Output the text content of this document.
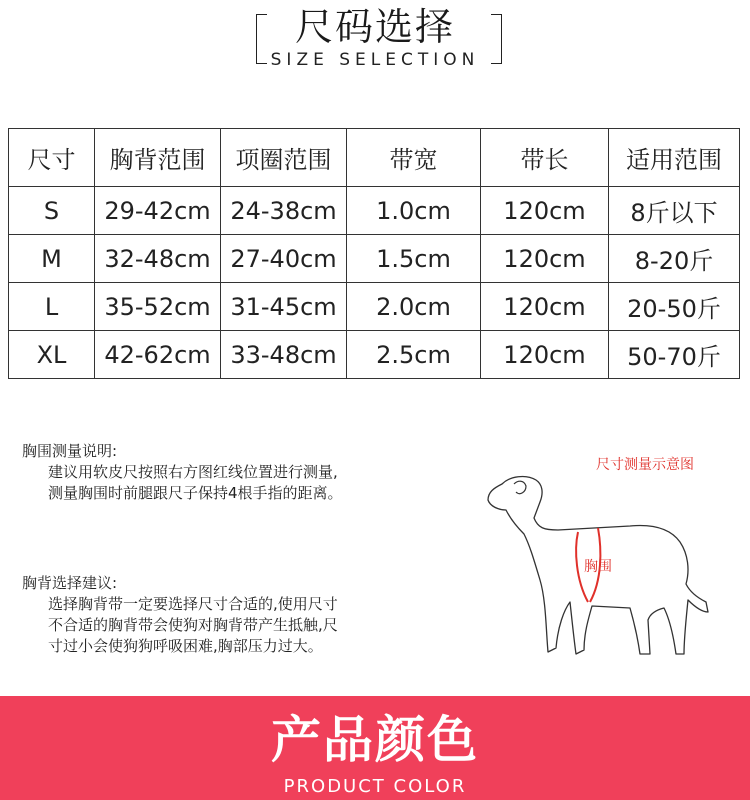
尺码选择
SIZE SELECTION
尺寸	胸背范围	项圈范围	带宽	带长	适用范围
S	29-42cm	24-38cm	1.0cm	120cm	8斤以下
M	32-48cm	27-40cm	1.5cm	120cm	8-20斤
L	35-52cm	31-45cm	2.0cm	120cm	20-50斤
XL	42-62cm	33-48cm	2.5cm	120cm	50-70斤
胸围测量说明:
建议用软皮尺按照右方图红线位置进行测量,
测量胸围时前腿跟尺子保持4根手指的距离。
胸背选择建议:
选择胸背带一定要选择尺寸合适的,使用尺寸
不合适的胸背带会使狗对胸背带产生抵触,尺
寸过小会使狗狗呼吸困难,胸部压力过大。
尺寸测量示意图
胸围
产品颜色
PRODUCT COLOR
